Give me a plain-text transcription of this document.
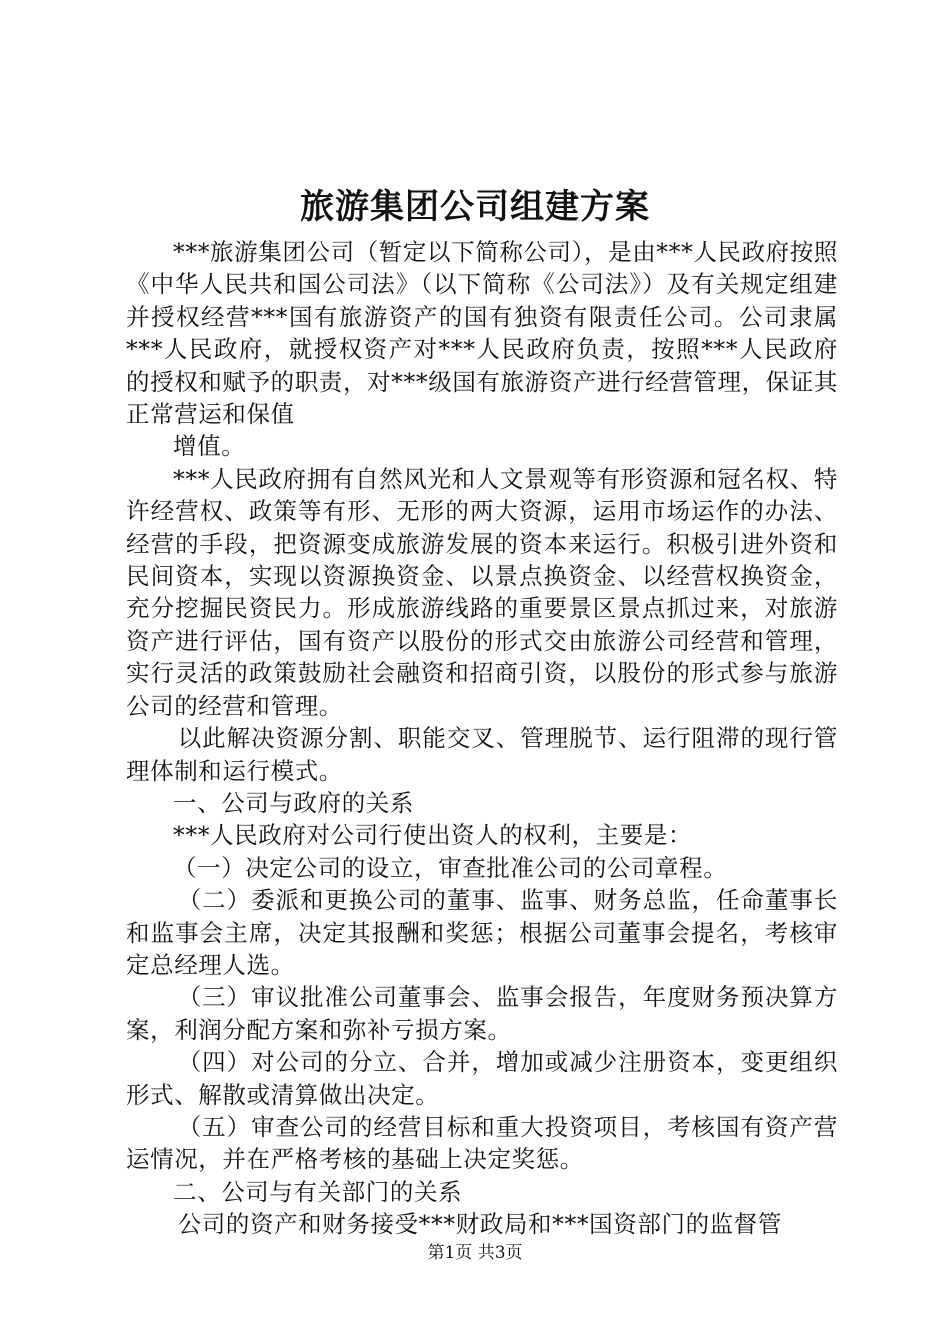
旅游集团公司组建方案

***旅游集团公司（暂定以下简称公司），是由***人民政府按照《中华人民共和国公司法》（以下简称《公司法》）及有关规定组建并授权经营***国有旅游资产的国有独资有限责任公司。公司隶属***人民政府，就授权资产对***人民政府负责，按照***人民政府的授权和赋予的职责，对***级国有旅游资产进行经营管理，保证其正常营运和保值

增值。

***人民政府拥有自然风光和人文景观等有形资源和冠名权、特许经营权、政策等有形、无形的两大资源，运用市场运作的办法、经营的手段，把资源变成旅游发展的资本来运行。积极引进外资和民间资本，实现以资源换资金、以景点换资金、以经营权换资金，充分挖掘民资民力。形成旅游线路的重要景区景点抓过来，对旅游资产进行评估，国有资产以股份的形式交由旅游公司经营和管理，实行灵活的政策鼓励社会融资和招商引资，以股份的形式参与旅游公司的经营和管理。

以此解决资源分割、职能交叉、管理脱节、运行阻滞的现行管理体制和运行模式。

一、公司与政府的关系

***人民政府对公司行使出资人的权利，主要是：

（一）决定公司的设立，审查批准公司的公司章程。

（二）委派和更换公司的董事、监事、财务总监，任命董事长和监事会主席，决定其报酬和奖惩；根据公司董事会提名，考核审定总经理人选。

（三）审议批准公司董事会、监事会报告，年度财务预决算方案，利润分配方案和弥补亏损方案。

（四）对公司的分立、合并，增加或减少注册资本，变更组织形式、解散或清算做出决定。

（五）审查公司的经营目标和重大投资项目，考核国有资产营运情况，并在严格考核的基础上决定奖惩。

二、公司与有关部门的关系

公司的资产和财务接受***财政局和***国资部门的监督管

第1页 共3页
